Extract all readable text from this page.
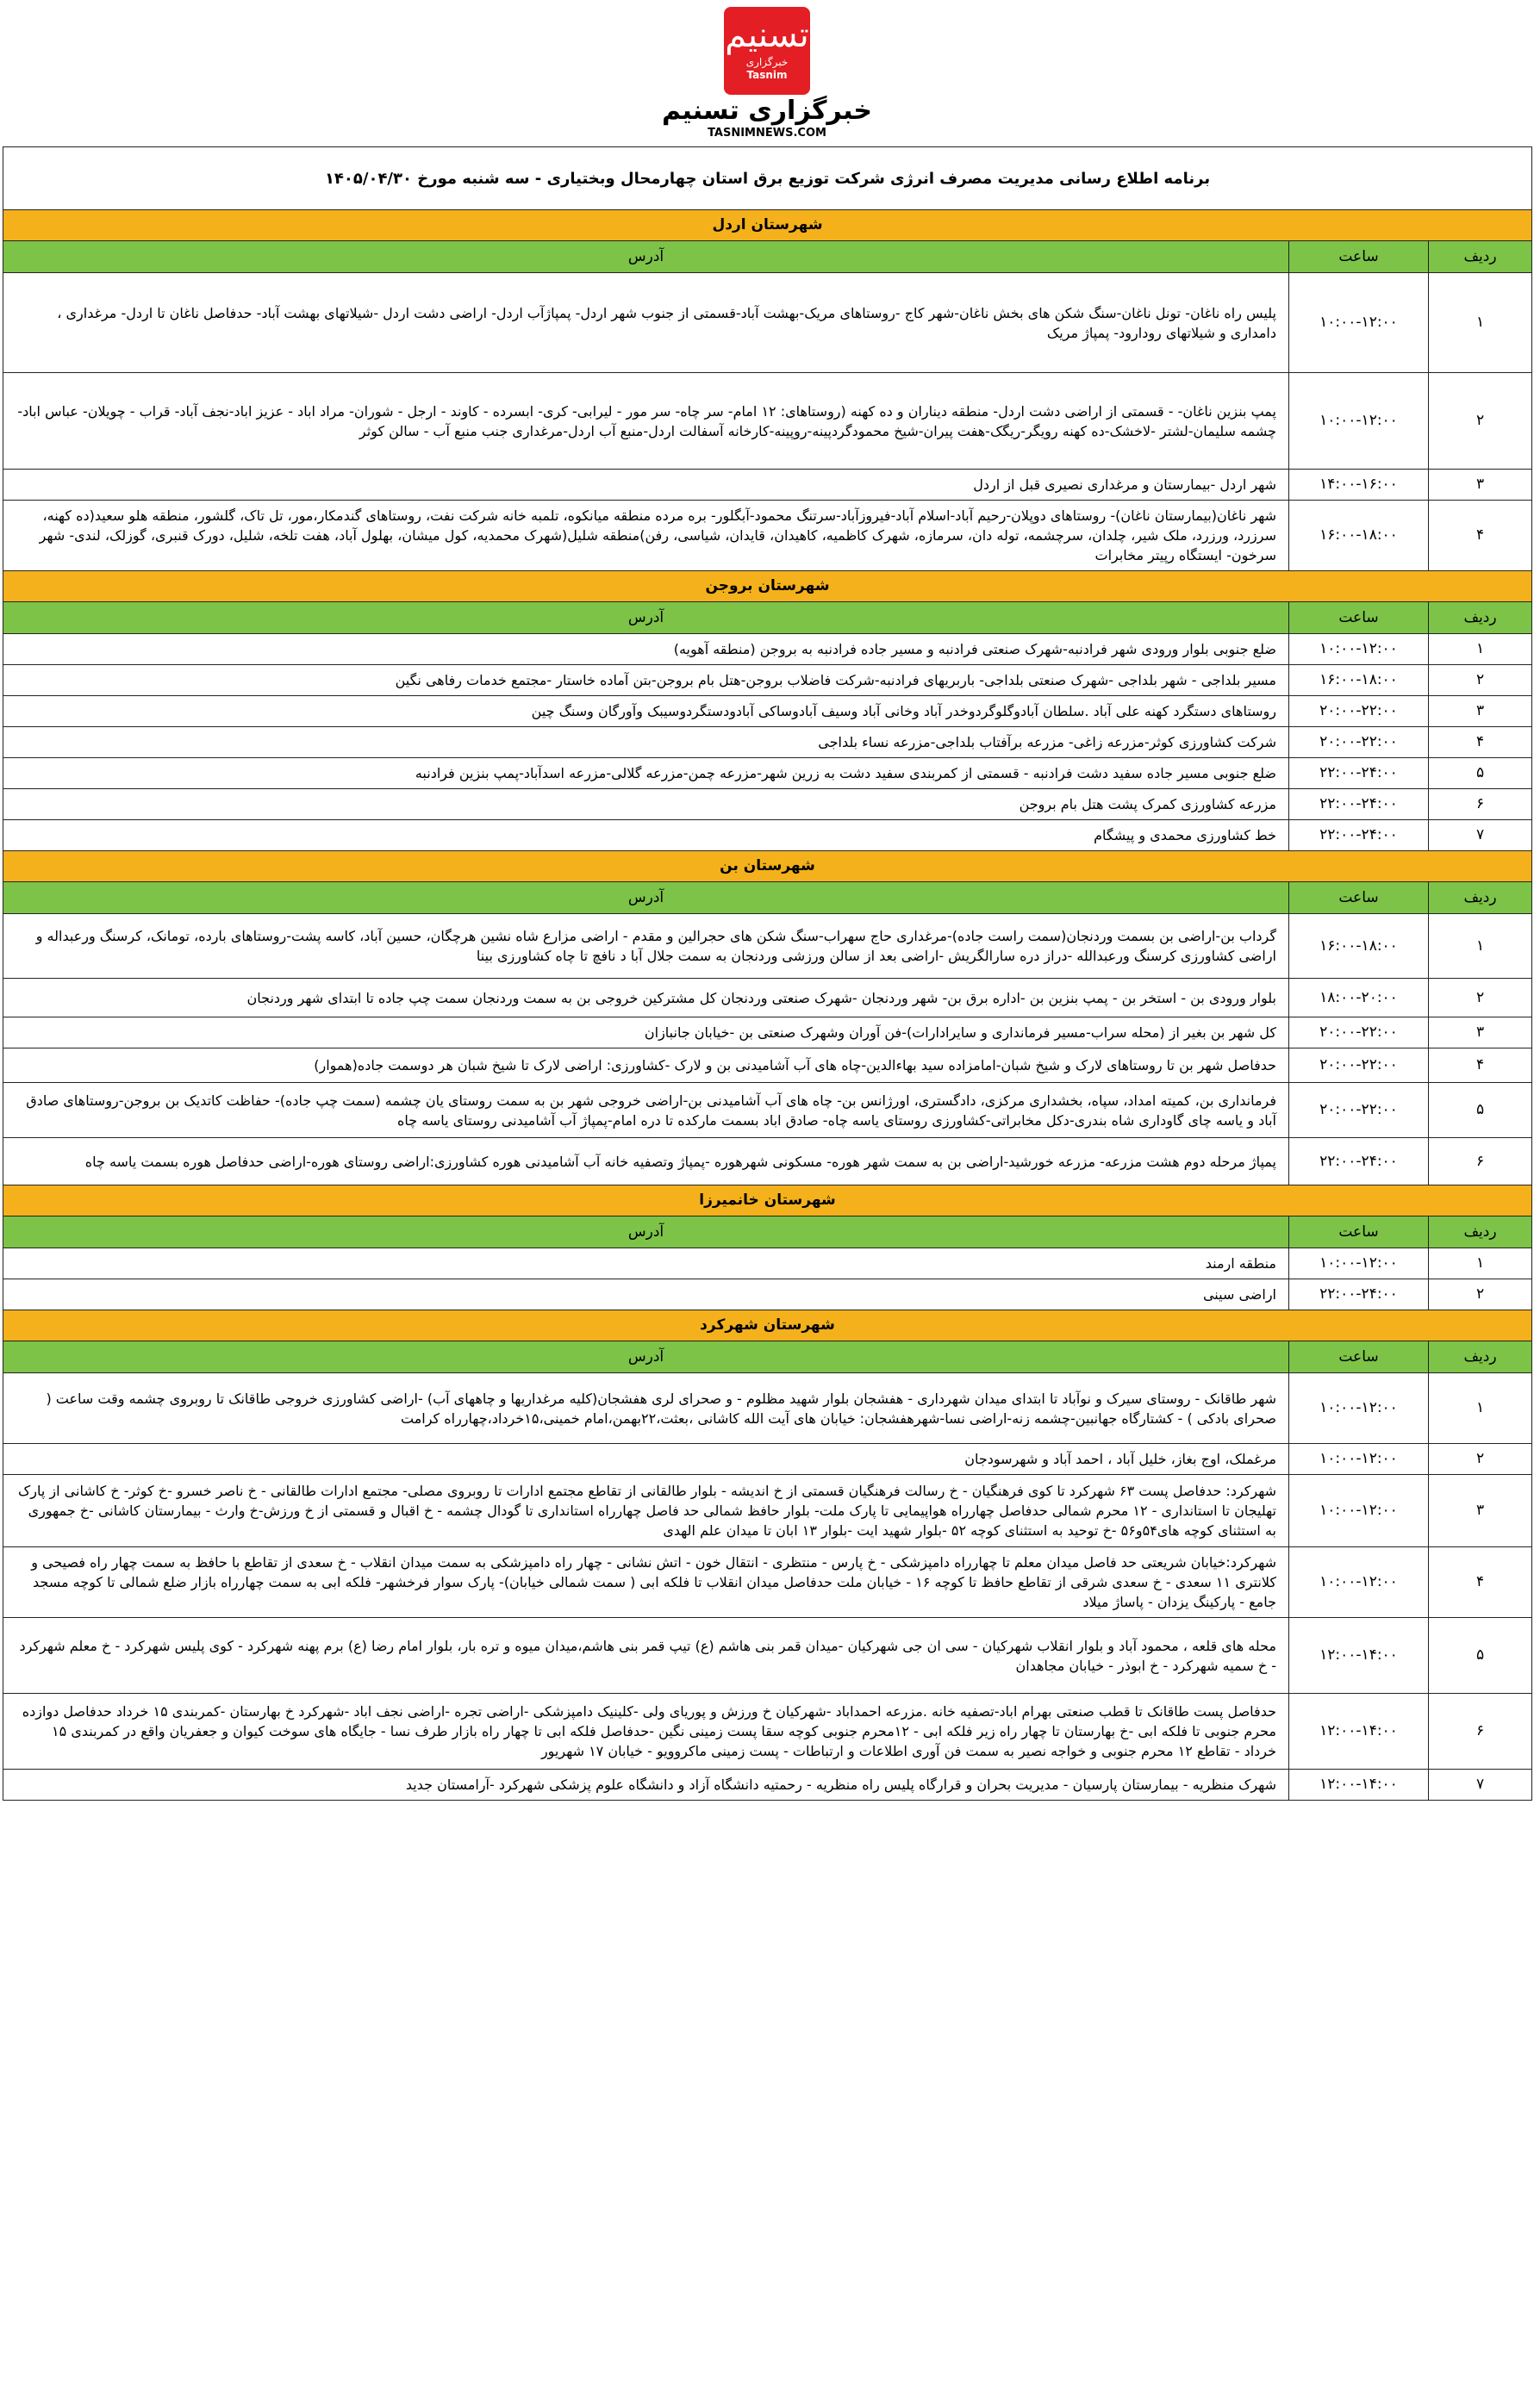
تسنیم
خبرگزاری
Tasnim
خبرگزاری تسنیم
TASNIMNEWS.COM
برنامه اطلاع رسانی مدیریت مصرف انرژی شرکت توزیع برق استان چهارمحال وبختیاری - سه شنبه مورخ ۱۴۰۵/۰۴/۳۰		
شهرستان اردل		
آدرس	ساعت	ردیف
پلیس راه ناغان- تونل ناغان-سنگ شکن های بخش ناغان-شهر کاج -روستاهای مریک-بهشت آباد-قسمتی از جنوب شهر اردل- پمپاژآب اردل- اراضی دشت اردل -شیلاتهای بهشت آباد- حدفاصل ناغان تا اردل- مرغداری ، دامداری و شیلاتهای رودارود- پمپاژ مریک	۱۰:۰۰-۱۲:۰۰	۱
پمپ بنزین ناغان- - قسمتی از اراضی دشت اردل- منطقه دیناران و ده کهنه (روستاهای: ۱۲ امام- سر چاه- سر مور - لیرابی- کری- ابسرده - کاوند - ارجل - شوران- مراد اباد - عزیز اباد-نجف آباد- قراب - چویلان- عباس اباد- چشمه سلیمان-لشتر -لاخشک-ده کهنه رویگر-ریگک-هفت پیران-شیخ محمودگردپینه-روپینه-کارخانه آسفالت اردل-منبع آب اردل-مرغداری جنب منبع آب - سالن کوثر	۱۰:۰۰-۱۲:۰۰	۲
شهر اردل -بیمارستان و مرغداری نصیری قبل از اردل	۱۴:۰۰-۱۶:۰۰	۳
شهر ناغان(بیمارستان ناغان)- روستاهای دوپلان-رحیم آباد-اسلام آباد-فیروزآباد-سرتنگ محمود-آبگلور- بره مرده منطقه میانکوه، تلمبه خانه شرکت نفت، روستاهای گندمکار،مور، تل تاک، گلشور، منطقه هلو سعید(ده کهنه، سرزرد، ورزرد، ملک شیر، چلدان، سرچشمه، توله دان، سرمازه، شهرک کاظمیه، کاهیدان، قایدان، شیاسی، رفن)منطقه شلیل(شهرک محمدیه، کول میشان، بهلول آباد، هفت تلخه، شلیل، دورک قنبری، گوزلک، لندی- شهر سرخون- ایستگاه رپیتر مخابرات	۱۶:۰۰-۱۸:۰۰	۴
شهرستان بروجن		
آدرس	ساعت	ردیف
ضلع جنوبی بلوار ورودی شهر فرادنبه-شهرک صنعتی فرادنبه و مسیر جاده فرادنبه به بروجن (منطقه آهویه)	۱۰:۰۰-۱۲:۰۰	۱
مسیر بلداجی - شهر بلداجی -شهرک صنعتی بلداجی- باربریهای فرادنبه-شرکت فاضلاب بروجن-هتل بام بروجن-بتن آماده خاستار -مجتمع خدمات رفاهی نگین	۱۶:۰۰-۱۸:۰۰	۲
روستاهای دستگرد کهنه علی آباد .سلطان آبادوگلوگردوخدر آباد وخانی آباد وسیف آبادوساکی آبادودستگردوسیبک وآورگان وسنگ چین	۲۰:۰۰-۲۲:۰۰	۳
شرکت کشاورزی کوثر-مزرعه زاغی- مزرعه برآفتاب بلداجی-مزرعه نساء بلداجی	۲۰:۰۰-۲۲:۰۰	۴
ضلع جنوبی مسیر جاده سفید دشت فرادنبه - قسمتی از کمربندی سفید دشت به زرین شهر-مزرعه چمن-مزرعه گلالی-مزرعه اسدآباد-پمپ بنزین فرادنبه	۲۲:۰۰-۲۴:۰۰	۵
مزرعه کشاورزی کمرک پشت هتل بام بروجن	۲۲:۰۰-۲۴:۰۰	۶
خط کشاورزی محمدی و پیشگام	۲۲:۰۰-۲۴:۰۰	۷
شهرستان بن		
آدرس	ساعت	ردیف
گرداب بن-اراضی بن بسمت وردنجان(سمت راست جاده)-مرغداری حاج سهراب-سنگ شکن های حجرالین و مقدم - اراضی مزارع شاه نشین هرچگان، حسین آباد، کاسه پشت-روستاهای بارده، تومانک، کرسنگ ورعبداله و اراضی کشاورزی کرسنگ ورعبدالله -دراز دره سارالگریش -اراضی بعد از سالن ورزشی وردنجان به سمت جلال آبا د نافچ تا چاه کشاورزی بینا	۱۶:۰۰-۱۸:۰۰	۱
بلوار ورودی بن - استخر بن - پمپ بنزین بن -اداره برق بن- شهر وردنجان -شهرک صنعتی وردنجان کل مشترکین خروجی بن به سمت وردنجان سمت چپ جاده تا ابتدای شهر وردنجان	۱۸:۰۰-۲۰:۰۰	۲
کل شهر بن بغیر از (محله سراب-مسیر فرمانداری و سایرادارات)-فن آوران وشهرک صنعتی بن -خیابان جانبازان	۲۰:۰۰-۲۲:۰۰	۳
حدفاصل شهر بن تا روستاهای لارک و شیخ شبان-امامزاده سید بهاءالدین-چاه های آب آشامیدنی بن و لارک -کشاورزی: اراضی لارک تا شیخ شبان هر دوسمت جاده(هموار)	۲۰:۰۰-۲۲:۰۰	۴
فرمانداری بن، کمیته امداد، سپاه، بخشداری مرکزی، دادگستری، اورژانس بن- چاه های آب آشامیدنی بن-اراضی خروجی شهر بن به سمت روستای یان چشمه (سمت چپ جاده)- حفاظت کاتدیک بن بروجن-روستاهای صادق آباد و یاسه چای گاوداری شاه بندری-دکل مخابراتی-کشاورزی روستای یاسه چاه- صادق اباد بسمت مارکده تا دره امام-پمپاژ آب آشامیدنی روستای یاسه چاه	۲۰:۰۰-۲۲:۰۰	۵
پمپاژ مرحله دوم هشت مزرعه- مزرعه خورشید-اراضی بن به سمت شهر هوره- مسکونی شهرهوره -پمپاژ وتصفیه خانه آب آشامیدنی هوره کشاورزی:اراضی روستای هوره-اراضی حدفاصل هوره بسمت یاسه چاه	۲۲:۰۰-۲۴:۰۰	۶
شهرستان خانمیرزا		
آدرس	ساعت	ردیف
منطقه ارمند	۱۰:۰۰-۱۲:۰۰	۱
اراضی سینی	۲۲:۰۰-۲۴:۰۰	۲
شهرستان شهرکرد		
آدرس	ساعت	ردیف
شهر طاقانک - روستای سیرک و نوآباد تا ابتدای میدان شهرداری - هفشجان بلوار شهید مظلوم - و صحرای لری هفشجان(کلیه مرغداریها و چاههای آب) -اراضی کشاورزی خروجی طاقانک تا روبروی چشمه وقت ساعت ( صحرای بادکی ) - کشتارگاه جهانبین-چشمه زنه-اراضی نسا-شهرهفشجان: خیابان های آیت الله کاشانی ،بعثت،۲۲بهمن،امام خمینی،۱۵خرداد،چهارراه کرامت	۱۰:۰۰-۱۲:۰۰	۱
مرغملک، اوج بغاز، خلیل آباد ، احمد آباد و شهرسودجان	۱۰:۰۰-۱۲:۰۰	۲
شهرکرد: حدفاصل پست ۶۳ شهرکرد تا کوی فرهنگیان - خ رسالت فرهنگیان قسمتی از خ اندیشه - بلوار طالقانی از تقاطع مجتمع ادارات تا روبروی مصلی- مجتمع ادارات طالقانی - خ ناصر خسرو -خ کوثر- خ کاشانی از پارک تهلیجان تا استانداری - ۱۲ محرم شمالی حدفاصل چهارراه هواپیمایی تا پارک ملت- بلوار حافظ شمالی حد فاصل چهارراه استانداری تا گودال چشمه - خ اقبال و قسمتی از خ ورزش-خ وارث - بیمارستان کاشانی -خ جمهوری به استثنای کوچه های۵۴و۵۶ -خ توحید به استثنای کوچه ۵۲ -بلوار شهید ایت -بلوار ۱۳ ابان تا میدان علم الهدی	۱۰:۰۰-۱۲:۰۰	۳
شهرکرد:خیابان شریعتی حد فاصل میدان معلم تا چهارراه دامپزشکی - خ پارس - منتظری - انتقال خون - اتش نشانی - چهار راه دامپزشکی به سمت میدان انقلاب - خ سعدی از تقاطع با حافظ به سمت چهار راه فصیحی و کلانتری ۱۱ سعدی - خ سعدی شرقی از تقاطع حافظ تا کوچه ۱۶ - خیابان ملت حدفاصل میدان انقلاب تا فلکه ابی ( سمت شمالی خیابان)- پارک سوار فرخشهر- فلکه ابی به سمت چهارراه بازار ضلع شمالی تا کوچه مسجد جامع - پارکینگ یزدان - پاساژ میلاد	۱۰:۰۰-۱۲:۰۰	۴
محله های قلعه ، محمود آباد و بلوار انقلاب شهرکیان - سی ان جی شهرکیان -میدان قمر بنی هاشم (ع) تیپ قمر بنی هاشم،میدان میوه و تره بار، بلوار امام رضا (ع) برم پهنه شهرکرد - کوی پلیس شهرکرد - خ معلم شهرکرد - خ سمیه شهرکرد - خ ابوذر - خیابان مجاهدان	۱۲:۰۰-۱۴:۰۰	۵
حدفاصل پست طاقانک تا قطب صنعتی بهرام اباد-تصفیه خانه .مزرعه احمداباد -شهرکیان خ ورزش و پوریای ولی -کلینیک دامپزشکی -اراضی تجره -اراضی نجف اباد -شهرکرد خ بهارستان -کمربندی ۱۵ خرداد حدفاصل دوازده محرم جنوبی تا فلکه ابی -خ بهارستان تا چهار راه زیر فلکه ابی - ۱۲محرم جنوبی کوچه سقا پست زمینی نگین -حدفاصل فلکه ابی تا چهار راه بازار طرف نسا - جایگاه های سوخت کیوان و جعفریان واقع در کمربندی ۱۵ خرداد - تقاطع ۱۲ محرم جنوبی و خواجه نصیر به سمت فن آوری اطلاعات و ارتباطات - پست زمینی ماکروویو - خیابان ۱۷ شهریور	۱۲:۰۰-۱۴:۰۰	۶
شهرک منظریه - بیمارستان پارسیان - مدیریت بحران و قرارگاه پلیس راه منظریه - رحمتیه دانشگاه آزاد و دانشگاه علوم پزشکی شهرکرد -آرامستان جدید	۱۲:۰۰-۱۴:۰۰	۷
